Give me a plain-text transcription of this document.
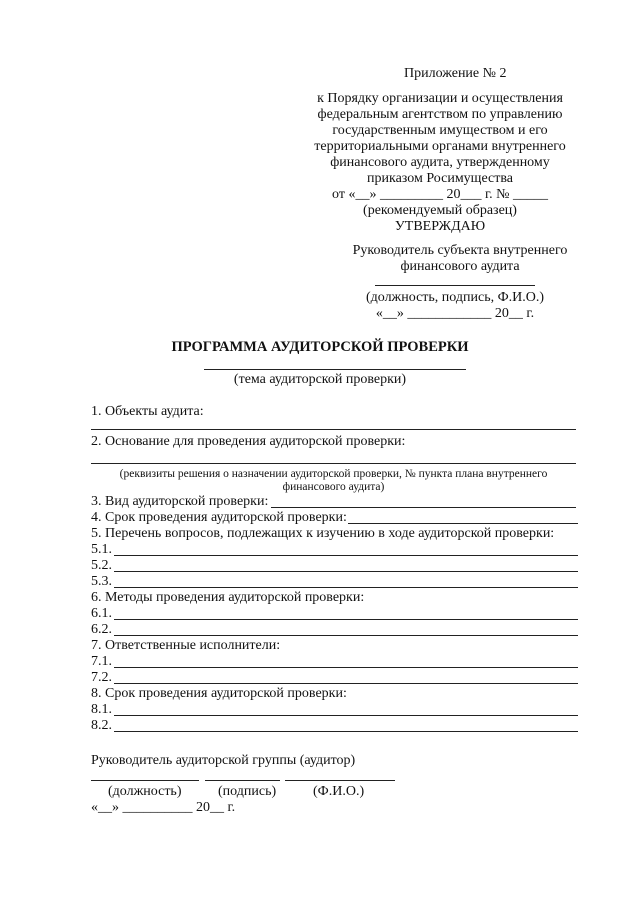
Приложение № 2
к Порядку организации и осуществления
федеральным агентством по управлению
государственным имуществом и его
территориальными органами внутреннего
финансового аудита, утвержденному
приказом Росимущества
от «__» _________ 20___ г. № _____
(рекомендуемый образец)
УТВЕРЖДАЮ
Руководитель субъекта внутреннего
финансового аудита
(должность, подпись, Ф.И.О.)
«__» ____________ 20__ г.
ПРОГРАММА АУДИТОРСКОЙ ПРОВЕРКИ
(тема аудиторской проверки)
1. Объекты аудита:
2. Основание для проведения аудиторской проверки:
(реквизиты решения о назначении аудиторской проверки, № пункта плана внутреннего
финансового аудита)
3. Вид аудиторской проверки:
4. Срок проведения аудиторской проверки:
5. Перечень вопросов, подлежащих к изучению в ходе аудиторской проверки:
5.1.
5.2.
5.3.
6. Методы проведения аудиторской проверки:
6.1.
6.2.
7. Ответственные исполнители:
7.1.
7.2.
8. Срок проведения аудиторской проверки:
8.1.
8.2.
Руководитель аудиторской группы (аудитор)
(должность)	(подпись)	(Ф.И.О.)
«__» __________ 20__ г.
